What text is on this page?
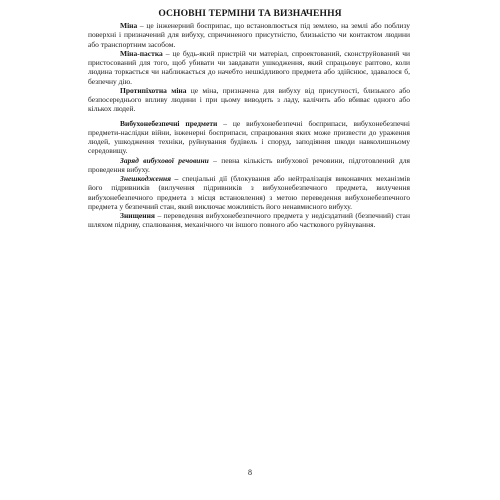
ОСНОВНІ ТЕРМІНИ ТА ВИЗНАЧЕННЯ

Міна – це інженерний боєприпас, що встановлюється під землею, на землі або поблизу поверхні і призначений для вибуху, спричиненого присутністю, близькістю чи контактом людини або транспортним засобом.

Міна-пастка – це будь-який пристрій чи матеріал, спроектований, сконструйований чи пристосований для того, щоб убивати чи завдавати ушкодження, який спрацьовує раптово, коли людина торкається чи наближається до начебто нешкідливого предмета або здійснює, здавалося б, безпечну дію.

Протипіхотна міна це міна, призначена для вибуху від присутності, близького або безпосереднього впливу людини і при цьому виводить з ладу, калічить або вбиває одного або кількох людей.

Вибухонебезпечні предмети – це вибухонебезпечні боєприпаси, вибухонебезпечні предмети-наслідки війни, інженерні боєприпаси, спрацювання яких може призвести до ураження людей, ушкодження техніки, руйнування будівель і споруд, заподіяння шкоди навколишньому середовищу.

Заряд вибухової речовини – певна кількість вибухової речовини, підготовлений для проведення вибуху.

Знешкодження – спеціальні дії (блокування або нейтралізація виконавчих механізмів його підривників (вилучення підривників з вибухонебезпечного предмета, вилучення вибухонебезпечного предмета з місця встановлення) з метою переведення вибухонебезпечного предмета у безпечний стан, який виключає можливість його ненавмисного вибуху.

Знищення – переведення вибухонебезпечного предмета у недієздатний (безпечний) стан шляхом підриву, спалювання, механічного чи іншого повного або часткового руйнування.

8
